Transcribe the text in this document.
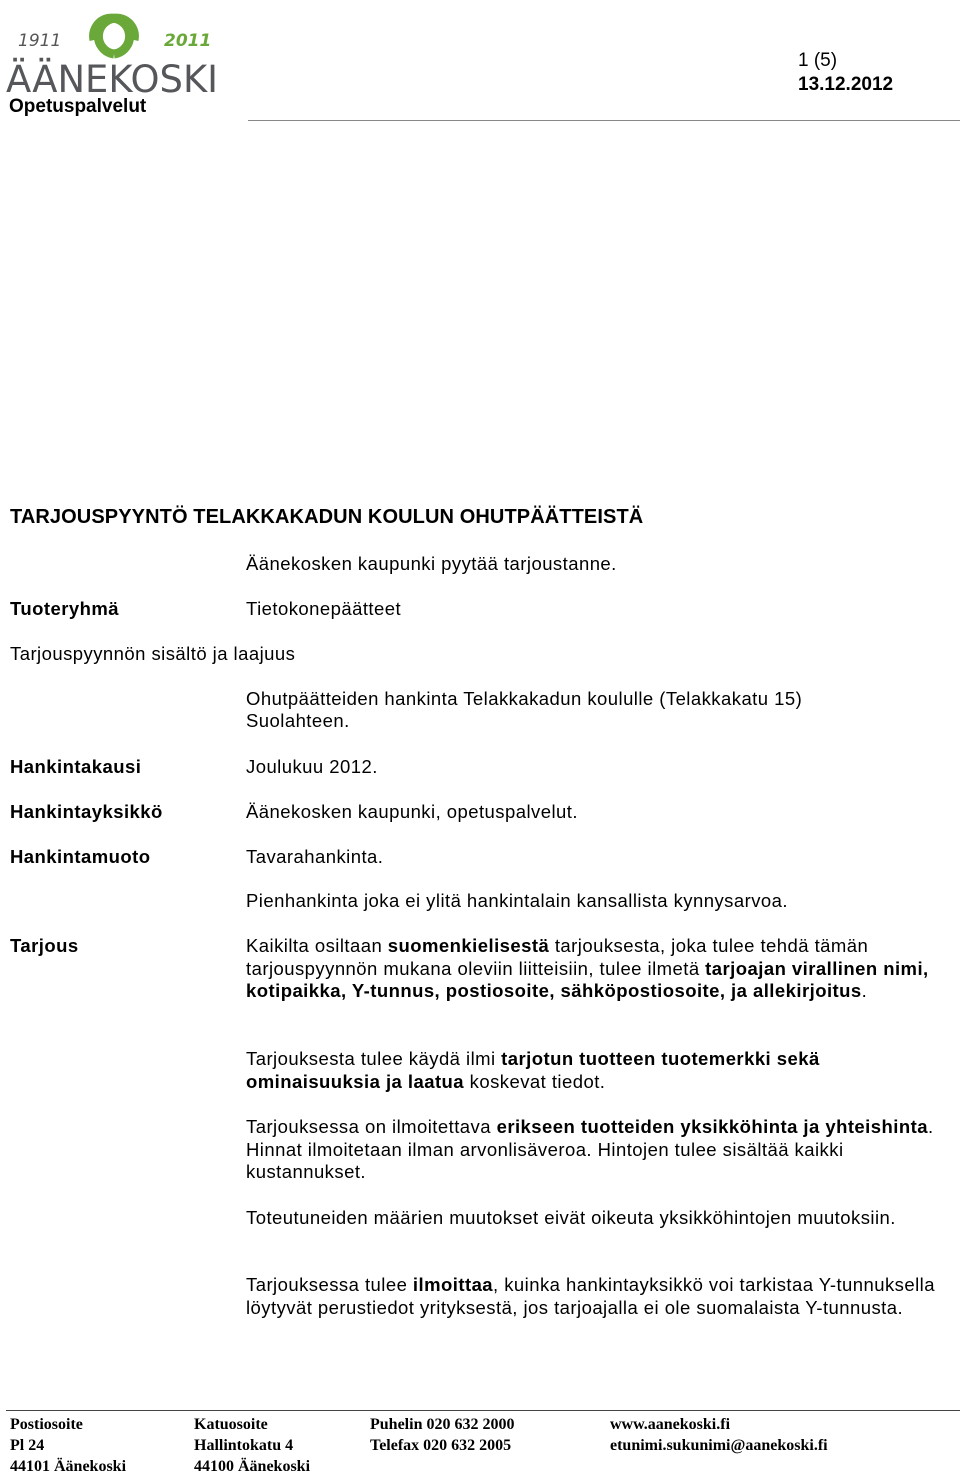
1911	2011
ÄÄNEKOSKI
Opetuspalvelut
1 (5)
13.12.2012
TARJOUSPYYNTÖ TELAKKAKADUN KOULUN OHUTPÄÄTTEISTÄ
Äänekosken kaupunki pyytää tarjoustanne.
Tuoteryhmä	Tietokonepäätteet
Tarjouspyynnön sisältö ja laajuus
Ohutpäätteiden hankinta Telakkakadun koululle (Telakkakatu 15)
Suolahteen.
Hankintakausi	Joulukuu 2012.
Hankintayksikkö	Äänekosken kaupunki, opetuspalvelut.
Hankintamuoto	Tavarahankinta.
Pienhankinta joka ei ylitä hankintalain kansallista kynnysarvoa.
Tarjous	Kaikilta osiltaan suomenkielisestä tarjouksesta, joka tulee tehdä tämän tarjouspyynnön mukana oleviin liitteisiin, tulee ilmetä tarjoajan virallinen nimi, kotipaikka, Y-tunnus, postiosoite, sähköpostiosoite, ja allekirjoitus.
Tarjouksesta tulee käydä ilmi tarjotun tuotteen tuotemerkki sekä ominaisuuksia ja laatua koskevat tiedot.
Tarjouksessa on ilmoitettava erikseen tuotteiden yksikköhinta ja yhteishinta. Hinnat ilmoitetaan ilman arvonlisäveroa. Hintojen tulee sisältää kaikki kustannukset.
Toteutuneiden määrien muutokset eivät oikeuta yksikköhintojen muutoksiin.
Tarjouksessa tulee ilmoittaa, kuinka hankintayksikkö voi tarkistaa Y-tunnuksella löytyvät perustiedot yrityksestä, jos tarjoajalla ei ole suomalaista Y-tunnusta.
Postiosoite
Pl 24
44101 Äänekoski
Katuosoite
Hallintokatu 4
44100 Äänekoski
Puhelin 020 632 2000
Telefax 020 632 2005
www.aanekoski.fi
etunimi.sukunimi@aanekoski.fi
